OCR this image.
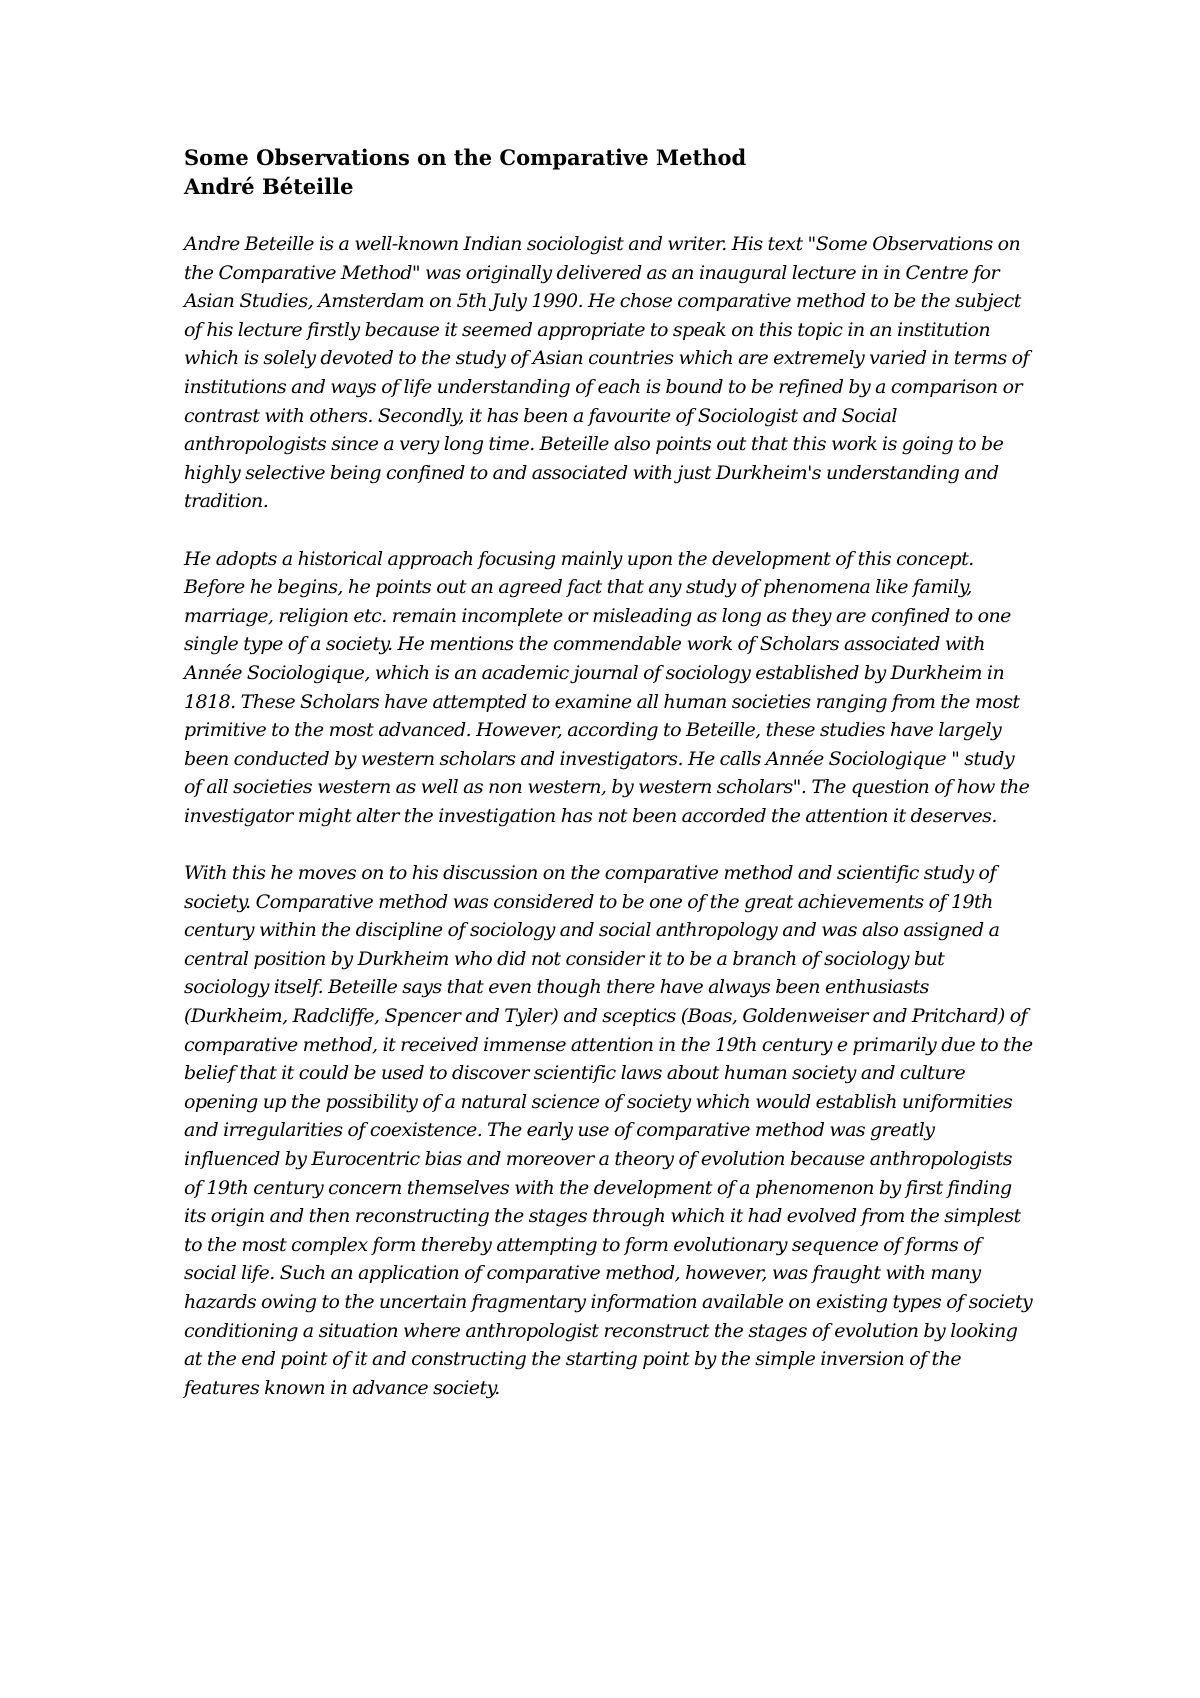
Some Observations on the Comparative Method
André Béteille

Andre Beteille is a well-known Indian sociologist and writer. His text "Some Observations on the Comparative Method" was originally delivered as an inaugural lecture in in Centre for Asian Studies, Amsterdam on 5th July 1990. He chose comparative method to be the subject of his lecture firstly because it seemed appropriate to speak on this topic in an institution which is solely devoted to the study of Asian countries which are extremely varied in terms of institutions and ways of life understanding of each is bound to be refined by a comparison or contrast with others. Secondly, it has been a favourite of Sociologist and Social anthropologists since a very long time. Beteille also points out that this work is going to be highly selective being confined to and associated with just Durkheim's understanding and tradition.

He adopts a historical approach focusing mainly upon the development of this concept. Before he begins, he points out an agreed fact that any study of phenomena like family, marriage, religion etc. remain incomplete or misleading as long as they are confined to one single type of a society. He mentions the commendable work of Scholars associated with Année Sociologique, which is an academic journal of sociology established by Durkheim in 1818. These Scholars have attempted to examine all human societies ranging from the most primitive to the most advanced. However, according to Beteille, these studies have largely been conducted by western scholars and investigators. He calls Année Sociologique " study of all societies western as well as non western, by western scholars". The question of how the investigator might alter the investigation has not been accorded the attention it deserves.

With this he moves on to his discussion on the comparative method and scientific study of society. Comparative method was considered to be one of the great achievements of 19th century within the discipline of sociology and social anthropology and was also assigned a central position by Durkheim who did not consider it to be a branch of sociology but sociology itself. Beteille says that even though there have always been enthusiasts (Durkheim, Radcliffe, Spencer and Tyler) and sceptics (Boas, Goldenweiser and Pritchard) of comparative method, it received immense attention in the 19th century e primarily due to the belief that it could be used to discover scientific laws about human society and culture opening up the possibility of a natural science of society which would establish uniformities and irregularities of coexistence. The early use of comparative method was greatly influenced by Eurocentric bias and moreover a theory of evolution because anthropologists of 19th century concern themselves with the development of a phenomenon by first finding its origin and then reconstructing the stages through which it had evolved from the simplest to the most complex form thereby attempting to form evolutionary sequence of forms of social life. Such an application of comparative method, however, was fraught with many hazards owing to the uncertain fragmentary information available on existing types of society conditioning a situation where anthropologist reconstruct the stages of evolution by looking at the end point of it and constructing the starting point by the simple inversion of the features known in advance society.
